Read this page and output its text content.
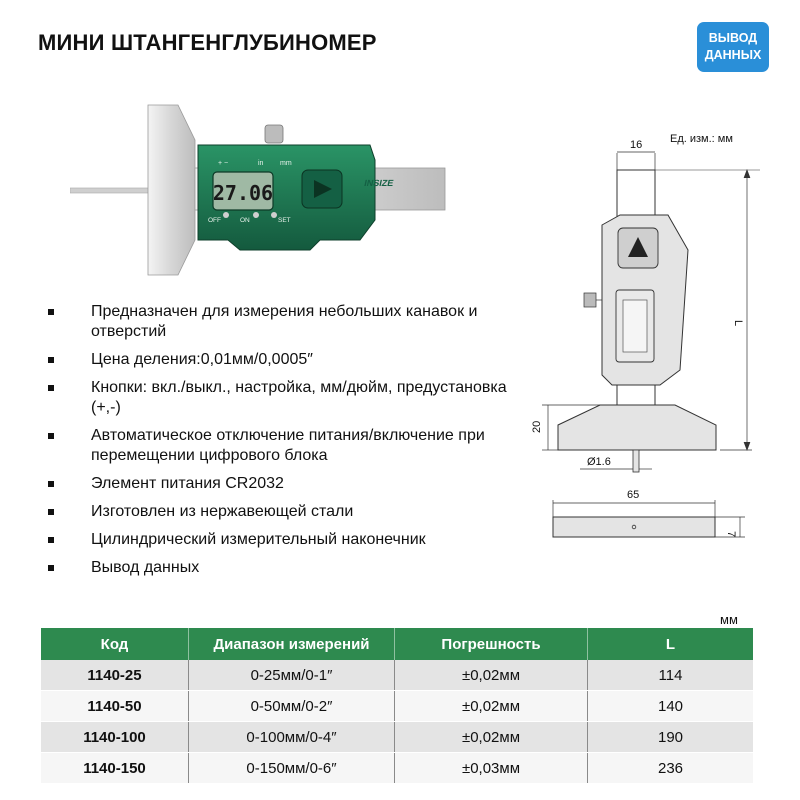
МИНИ ШТАНГЕНГЛУБИНОМЕР	ВЫВОД
ДАННЫХ
27.06
+ −	in mm
OFF	ON	SET
INSIZE
Предназначен для измерения небольших канавок и отверстий
Цена деления:0,01мм/0,0005″
Кнопки: вкл./выкл., настройка, мм/дюйм, предустановка (+,-)
Автоматическое отключение питания/включение при перемещении цифрового блока
Элемент питания CR2032
Изготовлен из нержавеющей стали
Цилиндрический измерительный наконечник
Вывод данных
Ед. изм.: мм
16
L
20
Ø1.6
65
7
мм
Код	Диапазон измерений	Погрешность	L
1140-25	0-25мм/0-1″	±0,02мм	114
1140-50	0-50мм/0-2″	±0,02мм	140
1140-100	0-100мм/0-4″	±0,02мм	190
1140-150	0-150мм/0-6″	±0,03мм	236
